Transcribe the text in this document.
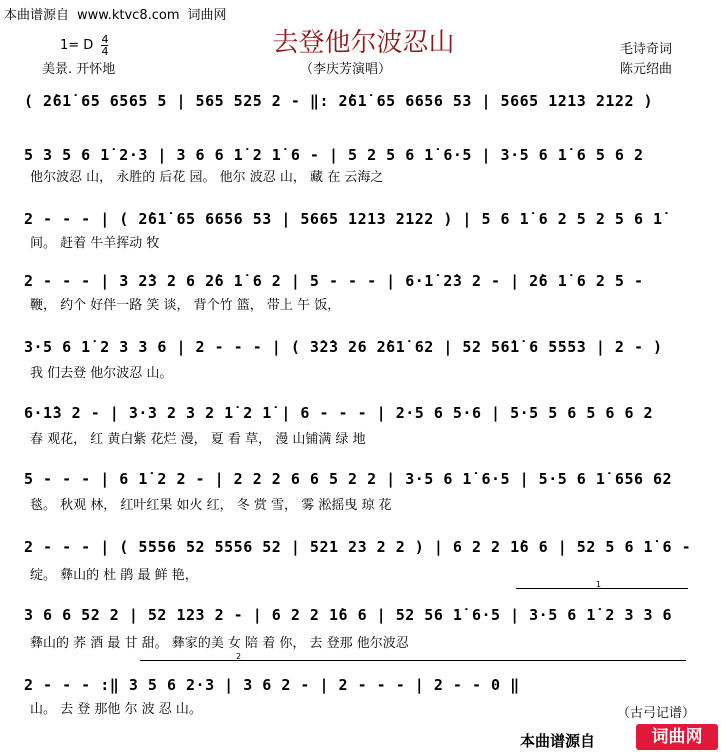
本曲谱源自 www.ktvc8.com 词曲网
1= D $\frac{4}{4}$	去登他尔波忍山
美景. 开怀地	（李庆芳演唱）
毛诗奇词
陈元绍曲
( 2̇61̇ 65 6565 5 | 565 525 2 - ‖: 2̇61̇ 65 6656 53 | 5665 1213 2122 )
5 3 5 6 1̇ 2·3 | 3 6 6 1̇ 2 1̇ 6 - | 5 2 5 6 1̇ 6·5 | 3·5 6 1̇ 6 5 6 2
他尔波忍 山， 永胜的 后花 园。 他尔 波忍 山， 藏 在 云海之
2 - - - | ( 2̇61̇ 65 6656 53 | 5665 1213 2122 ) | 5 6 1̇ 6 2 5 2 5 6 1̇
间。 赶着 牛羊挥动 牧
2 - - - | 3 2̇3 2 6 2̇6 1̇ 6 2 | 5 - - - | 6·1̇ 2̇3 2 - | 2̇6 1̇ 6 2 5 -
鞭， 约个 好伴一路 笑 谈， 背个竹 篮， 带上 午 饭，
3·5 6 1̇ 2 3 3 6 | 2 - - - | ( 3̇2̇3 26 2̇61̇ 62 | 52 56̇1̇ 6 5553 | 2 - )
我 们去登 他尔波忍 山。
6·1̇3 2 - | 3·3 2 3 2 1̇ 2 1̇ | 6 - - - | 2·5 6 5·6 | 5·5 5 6 5 6 6 2
春 观花， 红 黄白紫 花烂 漫， 夏 看 草， 漫 山铺满 绿 地
5 - - - | 6 1̇ 2 2 - | 2 2 2 6 6 5 2 2 | 3·5 6 1̇ 6·5 | 5·5 6 1̇ 656 62
毯。 秋观 林， 红叶红果 如火 红， 冬 赏 雪， 雾 淞摇曳 琼 花
2 - - - | ( 5556 52 5556 52 | 521 23 2 2 ) | 6 2 2 1̇6 6 | 52 5 6 1̇ 6 -
绽。 彝山的 杜 鹃 最 鲜 艳，
3 6 6 52 2 | 52 123 2 - | 6 2 2 1̇6 6 | 52 56 1̇ 6·5 | 3·5 6 1̇ 2 3 3 6
彝山的 荞 酒 最 甘 甜。 彝家的美 女 陪 着 你， 去 登那 他尔波忍
2 - - - :‖ 3 5 6 2·3 | 3 6 2 - | 2 - - - | 2 - - 0 ‖
山。 去 登 那他 尔 波 忍 山。
1
2
（古弓记谱）
本曲谱源自	词曲网
